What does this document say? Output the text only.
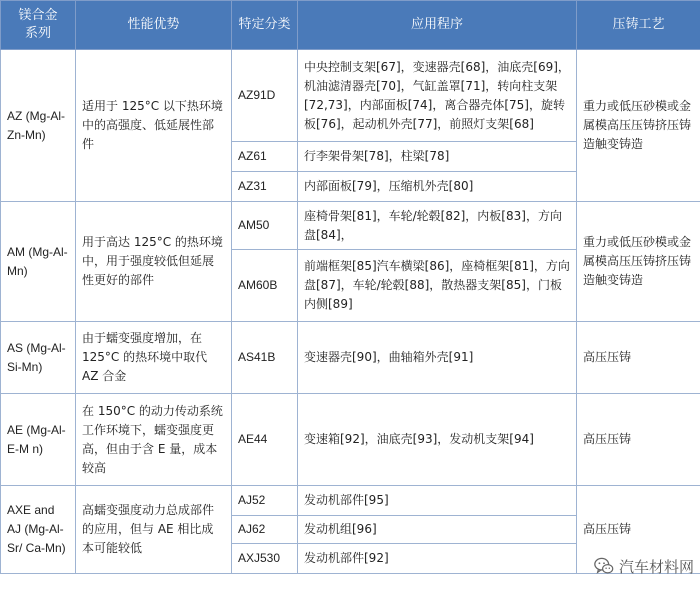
镁合金
系列	性能优势	特定分类	应用程序	压铸工艺
AZ (Mg-Al-Zn-Mn)	适用于 125°C 以下热环境中的高强度、低延展性部件	AZ91D	中央控制支架[67]，变速器壳[68]，油底壳[69]，机油滤清器壳[70]，气缸盖罩[71]，转向柱支架[72,73]，内部面板[74]，离合器壳体[75]，旋转板[76]，起动机外壳[77]，前照灯支架[68]	重力或低压砂模或金属模高压压铸挤压铸造触变铸造
		AZ61	行李架骨架[78]，柱梁[78]	
		AZ31	内部面板[79]，压缩机外壳[80]	
AM (Mg-Al-Mn)	用于高达 125°C 的热环境中，用于强度较低但延展性更好的部件	AM50	座椅骨架[81]，车轮/轮毂[82]，内板[83]，方向盘[84]，	重力或低压砂模或金属模高压压铸挤压铸造触变铸造
		AM60B	前端框架[85]汽车横梁[86]，座椅框架[81]，方向盘[87]，车轮/轮毂[88]，散热器支架[85]，门板内侧[89]	
AS (Mg-Al-Si-Mn)	由于蠕变强度增加，在 125°C 的热环境中取代 AZ 合金	AS41B	变速器壳[90]，曲轴箱外壳[91]	高压压铸
AE (Mg-Al-E-M n)	在 150°C 的动力传动系统工作环境下，蠕变强度更高，但由于含 E 量，成本较高	AE44	变速箱[92]，油底壳[93]，发动机支架[94]	高压压铸
AXE and AJ (Mg-Al-Sr/ Ca-Mn)	高蠕变强度动力总成部件的应用，但与 AE 相比成本可能较低	AJ52	发动机部件[95]	高压压铸
		AJ62	发动机组[96]	
		AXJ530	发动机部件[92]		汽车材料网
